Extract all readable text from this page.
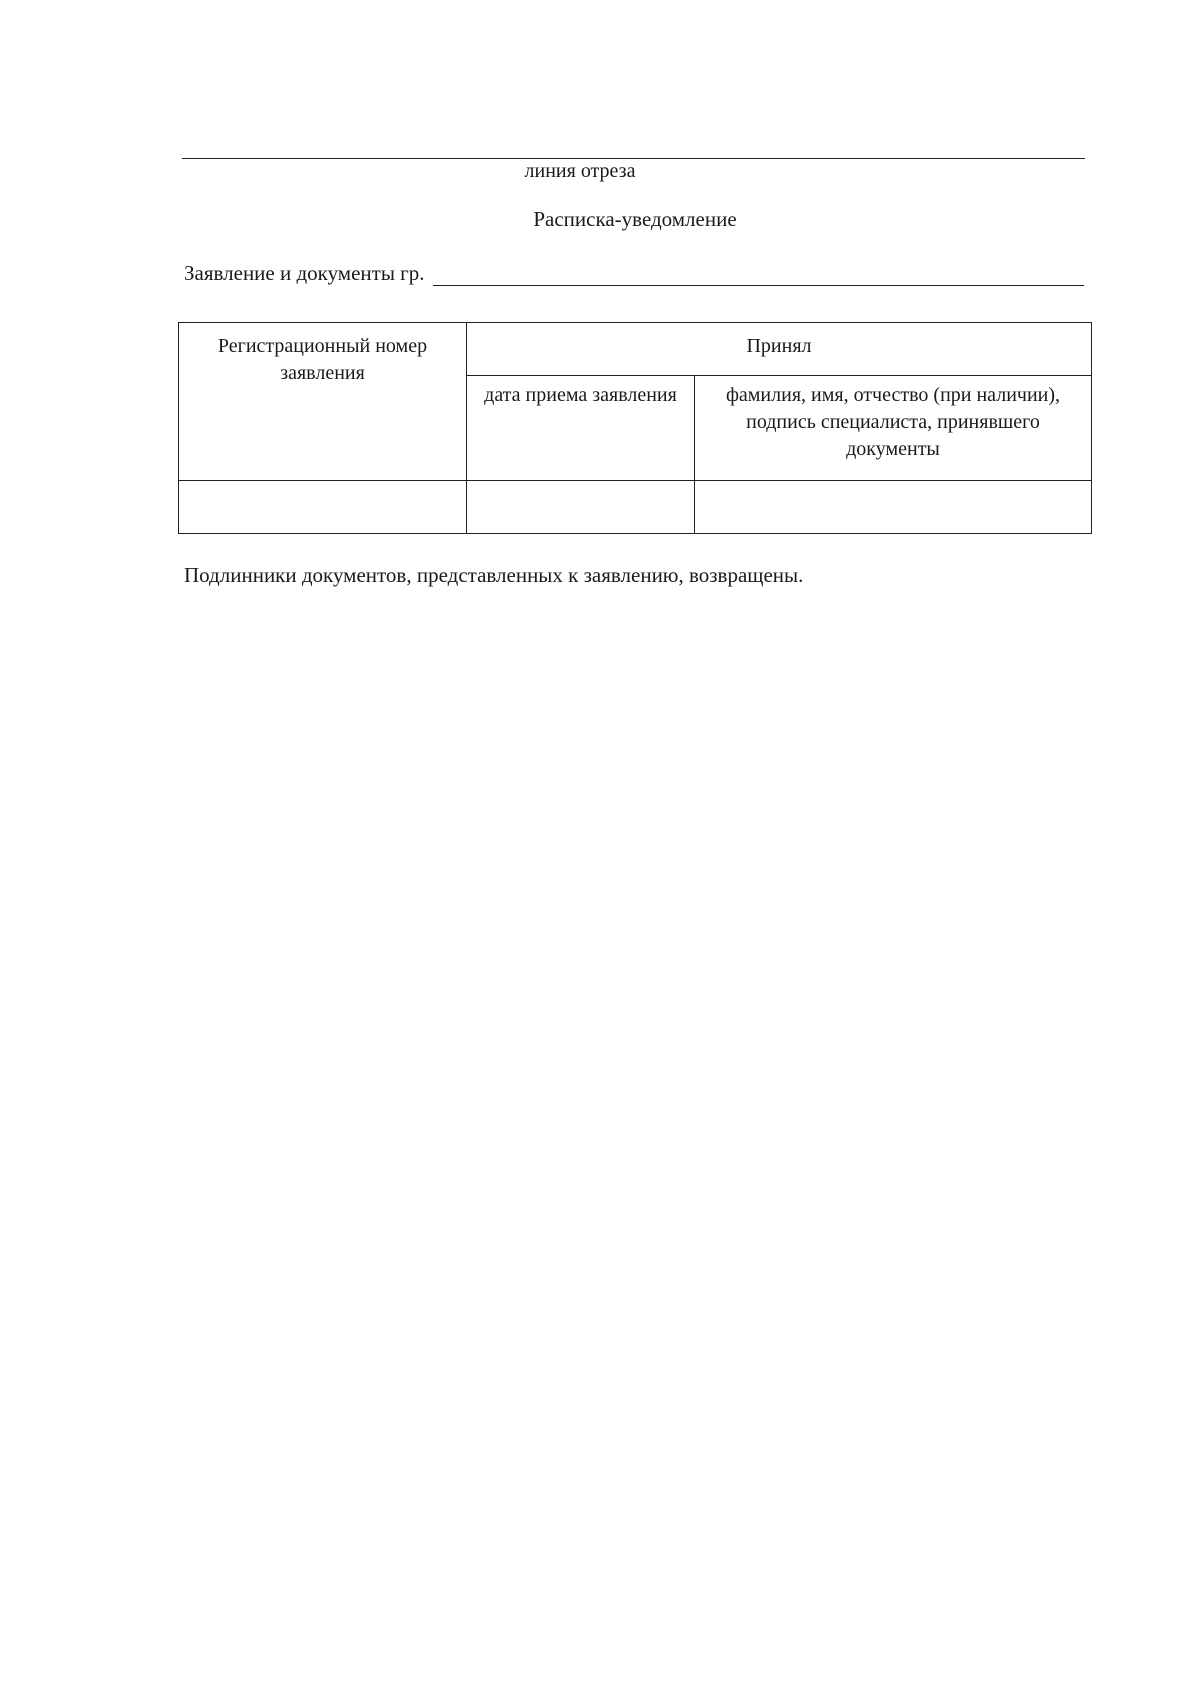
линия отреза
Расписка-уведомление
Заявление и документы гр.
Регистрационный номер заявления	Принял	
	дата приема заявления	фамилия, имя, отчество (при наличии), подпись специалиста, принявшего документы

Подлинники документов, представленных к заявлению, возвращены.
